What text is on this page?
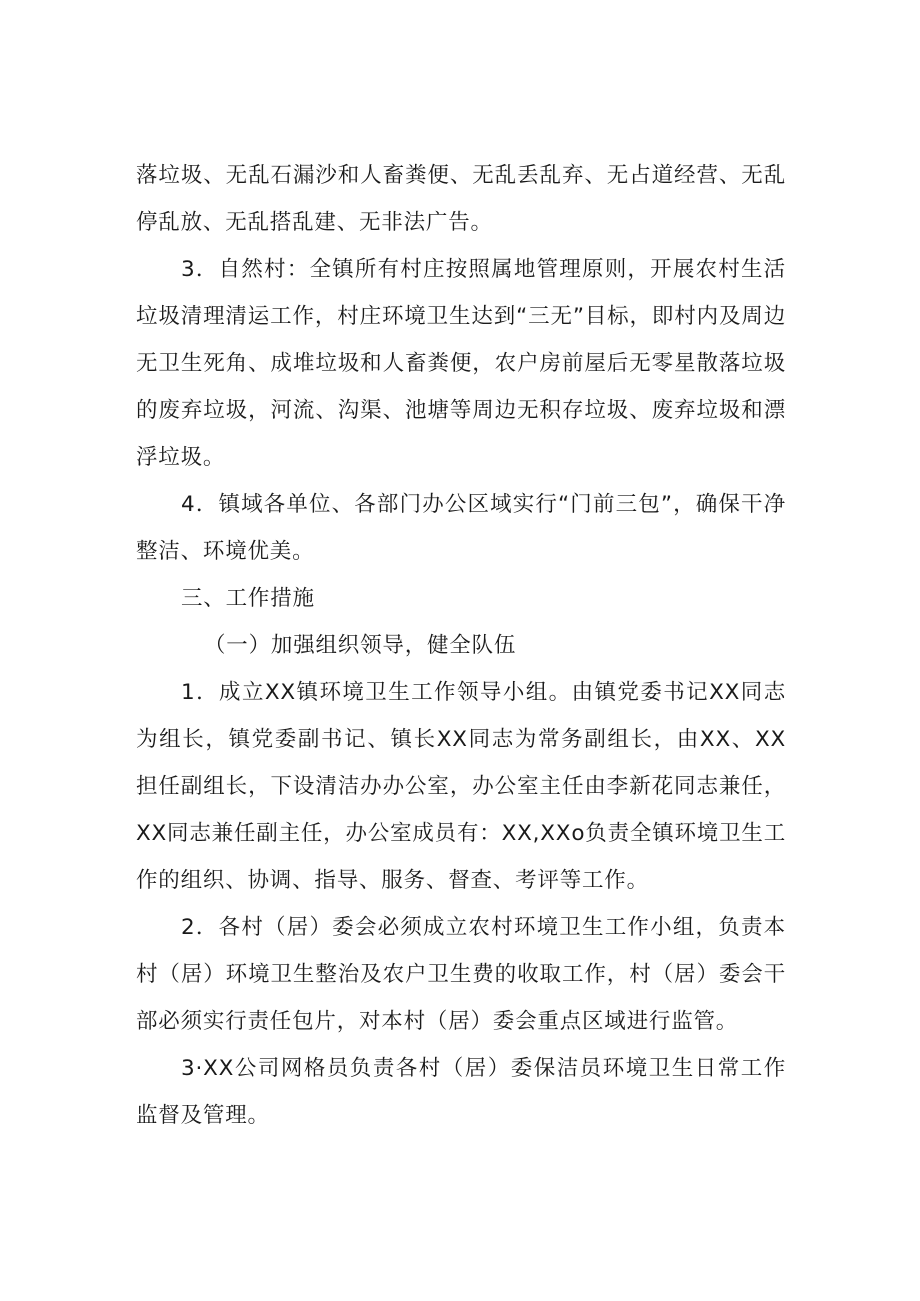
落垃圾、无乱石漏沙和人畜粪便、无乱丢乱弃、无占道经营、无乱停乱放、无乱搭乱建、无非法广告。

3．自然村：全镇所有村庄按照属地管理原则，开展农村生活垃圾清理清运工作，村庄环境卫生达到“三无”目标，即村内及周边无卫生死角、成堆垃圾和人畜粪便，农户房前屋后无零星散落垃圾的废弃垃圾，河流、沟渠、池塘等周边无积存垃圾、废弃垃圾和漂浮垃圾。

4．镇域各单位、各部门办公区域实行“门前三包”，确保干净整洁、环境优美。

三、工作措施

（一）加强组织领导，健全队伍

1．成立XX镇环境卫生工作领导小组。由镇党委书记XX同志为组长，镇党委副书记、镇长XX同志为常务副组长，由XX、XX担任副组长，下设清洁办办公室，办公室主任由李新花同志兼任，XX同志兼任副主任，办公室成员有：XX,XXo负责全镇环境卫生工作的组织、协调、指导、服务、督查、考评等工作。

2．各村（居）委会必须成立农村环境卫生工作小组，负责本村（居）环境卫生整治及农户卫生费的收取工作，村（居）委会干部必须实行责任包片，对本村（居）委会重点区域进行监管。

3·XX公司网格员负责各村（居）委保洁员环境卫生日常工作监督及管理。
